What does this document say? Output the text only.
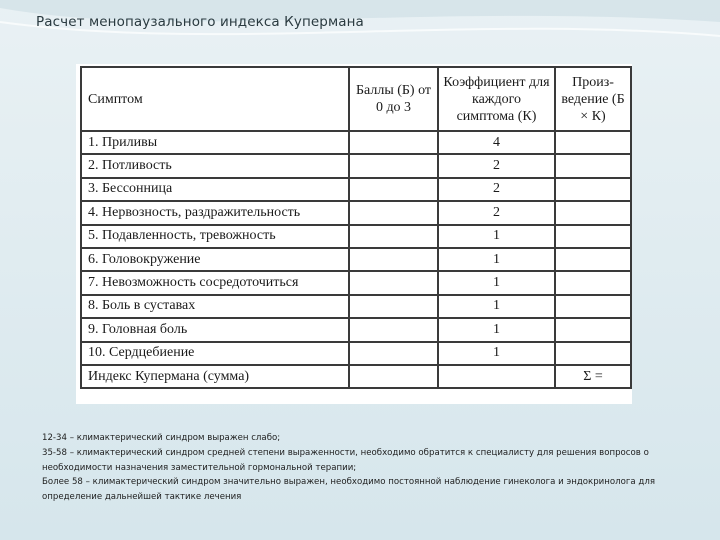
Расчет менопаузального индекса Купермана
Симптом	Баллы (Б) от 0 до 3	Коэффициент для каждого симптома (К)	Произ-ведение (Б × К)
1. Приливы		4	
2. Потливость		2	
3. Бессонница		2	
4. Нервозность, раздражительность		2	
5. Подавленность, тревожность		1	
6. Головокружение		1	
7. Невозможность сосредоточиться		1	
8. Боль в суставах		1	
9. Головная боль		1	
10. Сердцебиение		1	
Индекс Купермана (сумма)			Σ =

12-34 – климактерический синдром выражен слабо;

35-58 – климактерический синдром средней степени выраженности, необходимо обратится к специалисту для решения вопросов о необходимости назначения заместительной гормональной терапии;

Более 58 – климактерический синдром значительно выражен, необходимо постоянной наблюдение гинеколога и эндокринолога для определение дальнейшей тактике лечения
